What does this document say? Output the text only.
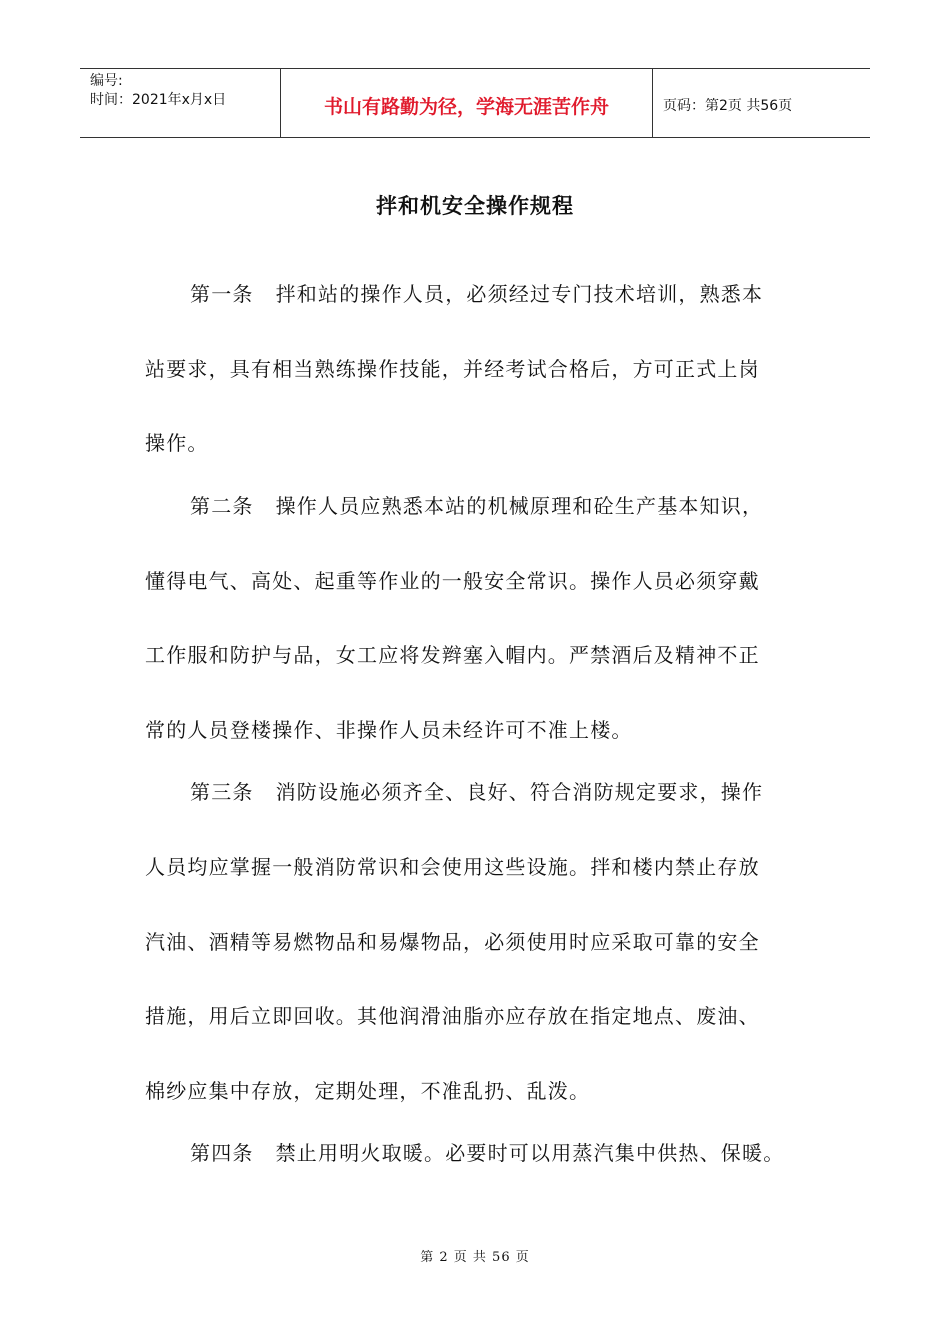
编号:
时间：2021年x月x日	书山有路勤为径，学海无涯苦作舟	页码：第2页 共56页
拌和机安全操作规程
第一条 拌和站的操作人员，必须经过专门技术培训，熟悉本
站要求，具有相当熟练操作技能，并经考试合格后，方可正式上岗
操作。
第二条 操作人员应熟悉本站的机械原理和砼生产基本知识，
懂得电气、高处、起重等作业的一般安全常识。操作人员必须穿戴
工作服和防护与品，女工应将发辫塞入帽内。严禁酒后及精神不正
常的人员登楼操作、非操作人员未经许可不准上楼。
第三条 消防设施必须齐全、良好、符合消防规定要求，操作
人员均应掌握一般消防常识和会使用这些设施。拌和楼内禁止存放
汽油、酒精等易燃物品和易爆物品，必须使用时应采取可靠的安全
措施，用后立即回收。其他润滑油脂亦应存放在指定地点、废油、
棉纱应集中存放，定期处理，不准乱扔、乱泼。
第四条 禁止用明火取暖。必要时可以用蒸汽集中供热、保暖。
第 2 页 共 56 页
